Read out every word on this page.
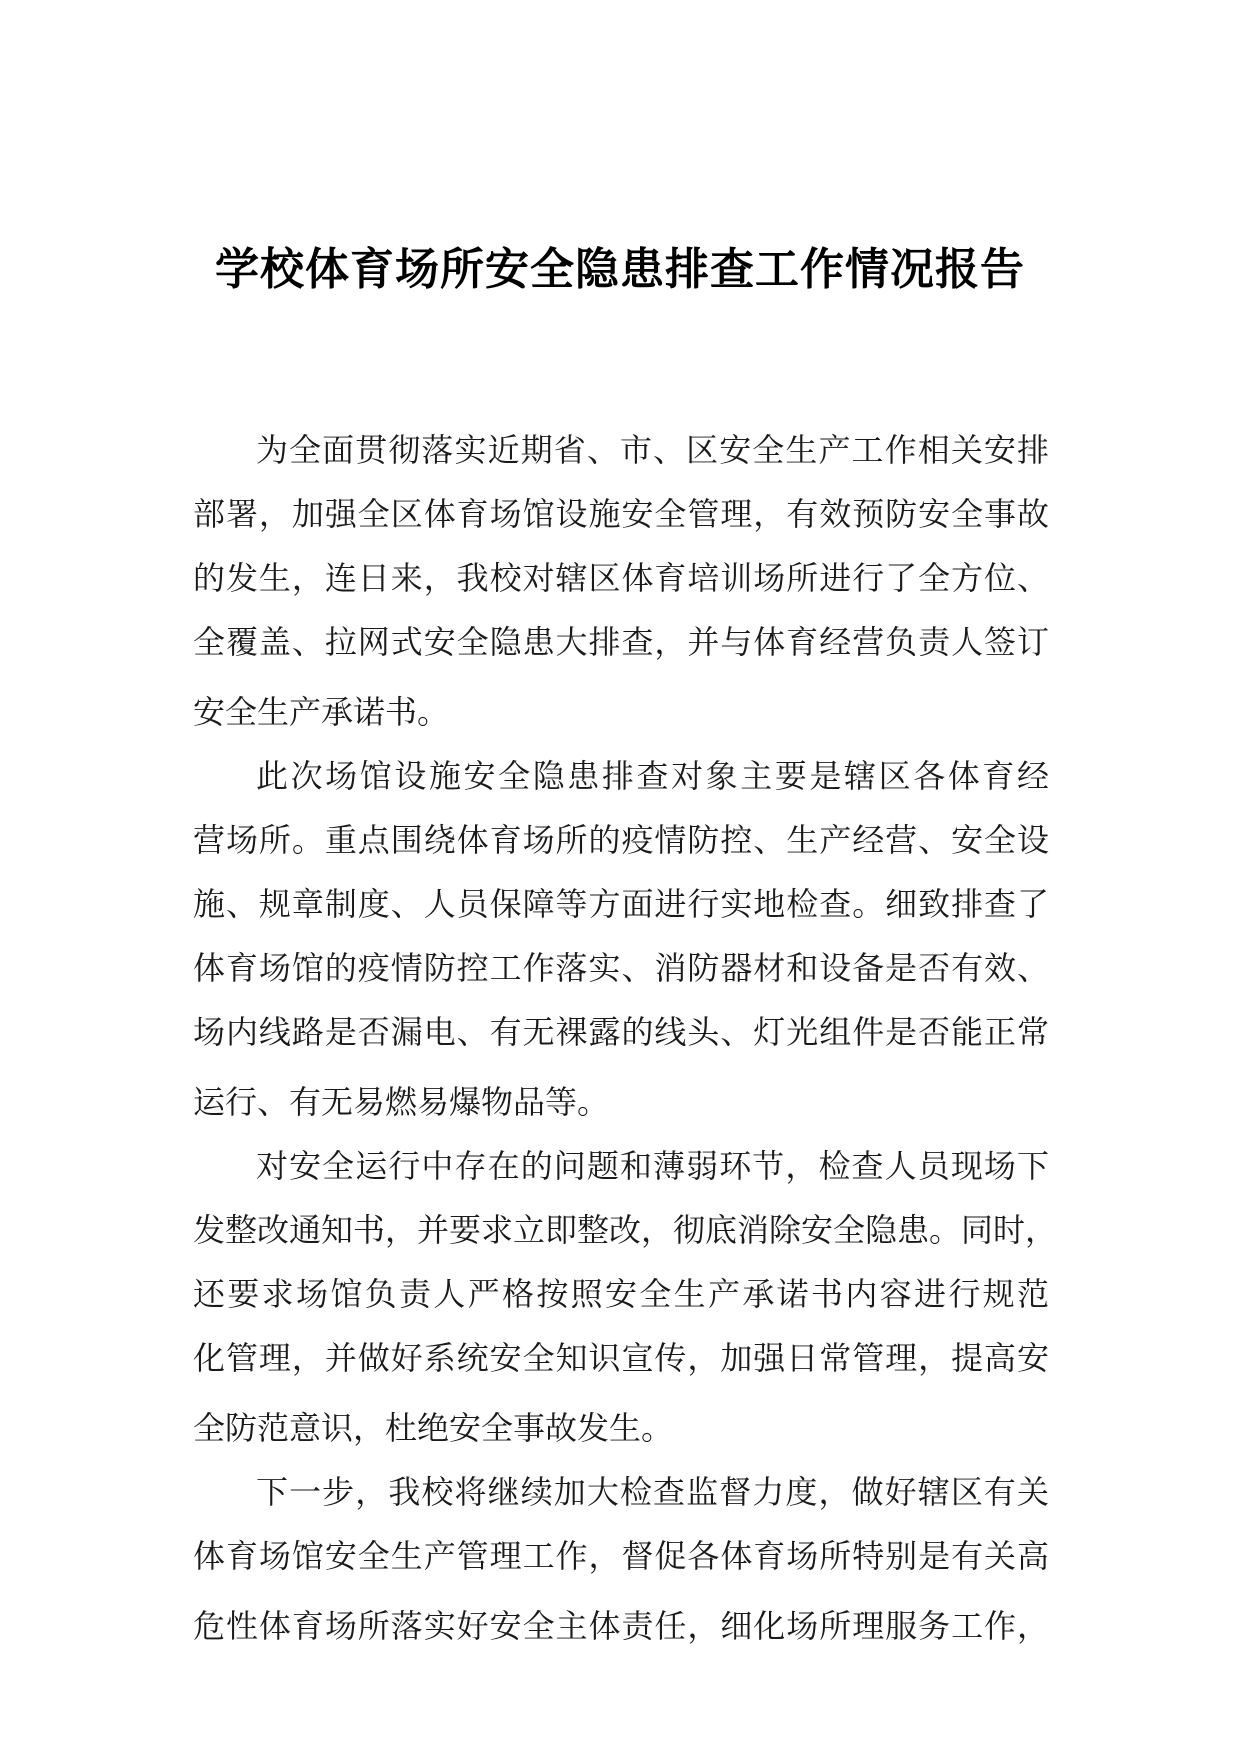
学校体育场所安全隐患排查工作情况报告
为全面贯彻落实近期省、市、区安全生产工作相关安排
部署，加强全区体育场馆设施安全管理，有效预防安全事故
的发生，连日来，我校对辖区体育培训场所进行了全方位、
全覆盖、拉网式安全隐患大排查，并与体育经营负责人签订
安全生产承诺书。
此次场馆设施安全隐患排查对象主要是辖区各体育经
营场所。重点围绕体育场所的疫情防控、生产经营、安全设
施、规章制度、人员保障等方面进行实地检查。细致排查了
体育场馆的疫情防控工作落实、消防器材和设备是否有效、
场内线路是否漏电、有无裸露的线头、灯光组件是否能正常
运行、有无易燃易爆物品等。
对安全运行中存在的问题和薄弱环节，检查人员现场下
发整改通知书，并要求立即整改，彻底消除安全隐患。同时，
还要求场馆负责人严格按照安全生产承诺书内容进行规范
化管理，并做好系统安全知识宣传，加强日常管理，提高安
全防范意识，杜绝安全事故发生。
下一步，我校将继续加大检查监督力度，做好辖区有关
体育场馆安全生产管理工作，督促各体育场所特别是有关高
危性体育场所落实好安全主体责任，细化场所理服务工作，
